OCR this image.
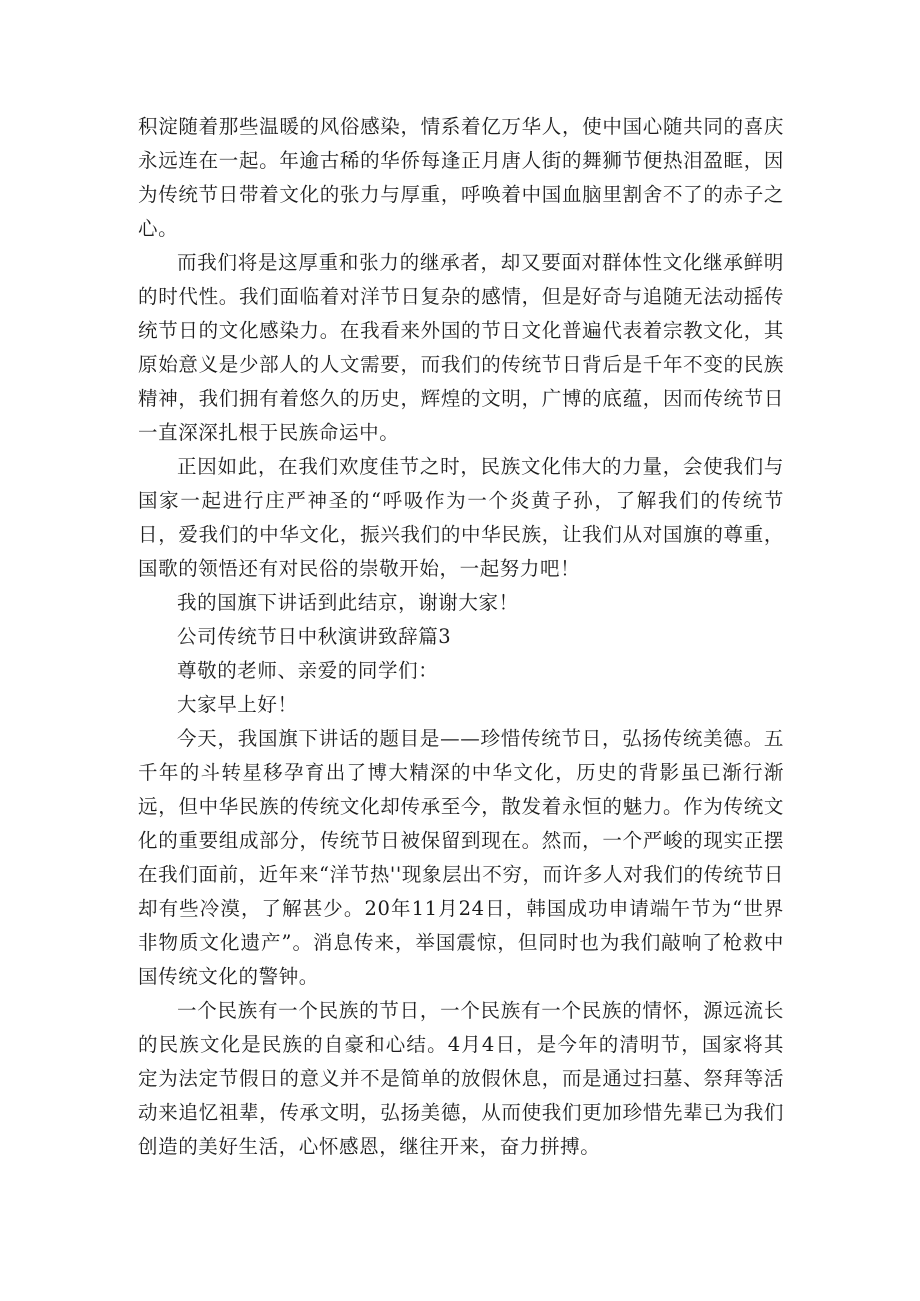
积淀随着那些温暖的风俗感染，情系着亿万华人，使中国心随共同的喜庆永远连在一起。年逾古稀的华侨每逢正月唐人街的舞狮节便热泪盈眶，因为传统节日带着文化的张力与厚重，呼唤着中国血脑里割舍不了的赤子之心。

而我们将是这厚重和张力的继承者，却又要面对群体性文化继承鲜明的时代性。我们面临着对洋节日复杂的感情，但是好奇与追随无法动摇传统节日的文化感染力。在我看来外国的节日文化普遍代表着宗教文化，其原始意义是少部人的人文需要，而我们的传统节日背后是千年不变的民族精神，我们拥有着悠久的历史，辉煌的文明，广博的底蕴，因而传统节日一直深深扎根于民族命运中。

正因如此，在我们欢度佳节之时，民族文化伟大的力量，会使我们与国家一起进行庄严神圣的“呼吸作为一个炎黄子孙，了解我们的传统节日，爱我们的中华文化，振兴我们的中华民族，让我们从对国旗的尊重，国歌的领悟还有对民俗的崇敬开始，一起努力吧！

我的国旗下讲话到此结京，谢谢大家！

公司传统节日中秋演讲致辞篇3

尊敬的老师、亲爱的同学们：

大家早上好！

今天，我国旗下讲话的题目是——珍惜传统节日，弘扬传统美德。五千年的斗转星移孕育出了博大精深的中华文化，历史的背影虽已渐行渐远，但中华民族的传统文化却传承至今，散发着永恒的魅力。作为传统文化的重要组成部分，传统节日被保留到现在。然而，一个严峻的现实正摆在我们面前，近年来“洋节热''现象层出不穷，而许多人对我们的传统节日却有些冷漠，了解甚少。20年11月24日，韩国成功申请端午节为“世界非物质文化遗产”。消息传来，举国震惊，但同时也为我们敲响了枪救中国传统文化的警钟。

一个民族有一个民族的节日，一个民族有一个民族的情怀，源远流长的民族文化是民族的自豪和心结。4月4日，是今年的清明节，国家将其定为法定节假日的意义并不是简单的放假休息，而是通过扫墓、祭拜等活动来追忆祖辈，传承文明，弘扬美德，从而使我们更加珍惜先辈已为我们创造的美好生活，心怀感恩，继往开来，奋力拼搏。
